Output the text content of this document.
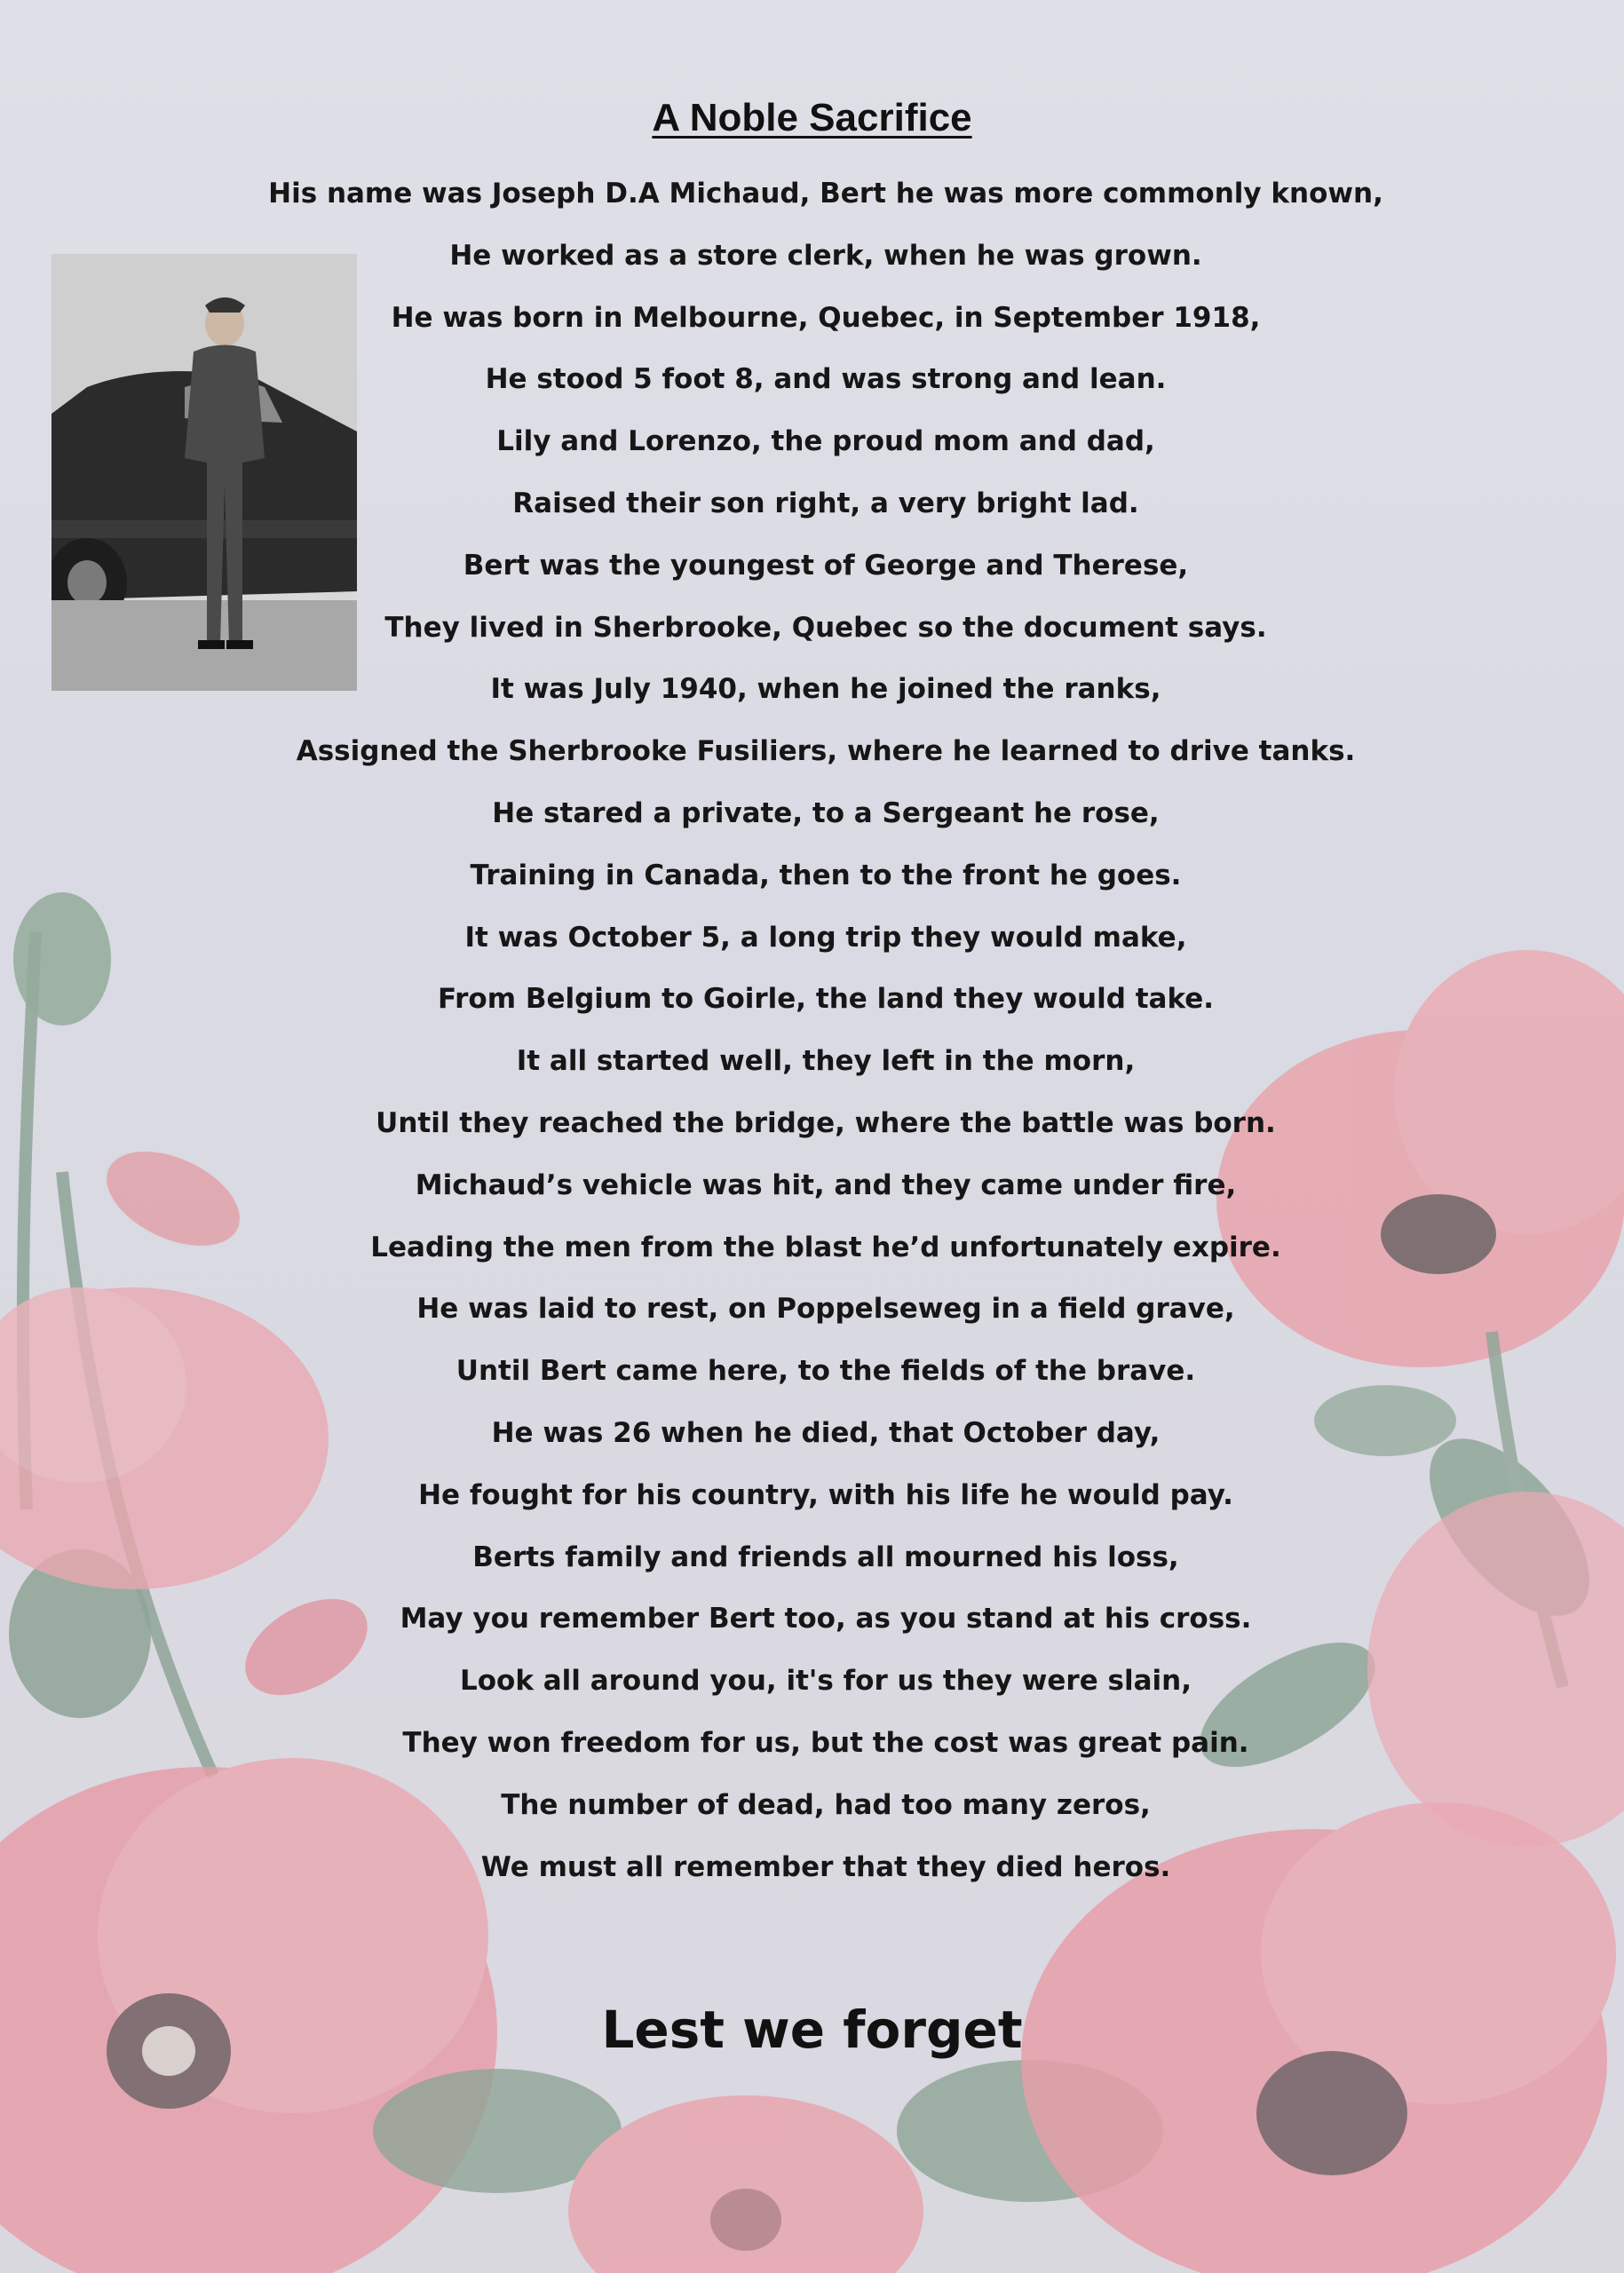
A Noble Sacrifice
His name was Joseph D.A Michaud, Bert he was more commonly known,
He worked as a store clerk, when he was grown.
He was born in Melbourne, Quebec, in September 1918,
He stood 5 foot 8, and was strong and lean.
Lily and Lorenzo, the proud mom and dad,
Raised their son right, a very bright lad.
Bert was the youngest of George and Therese,
They lived in Sherbrooke, Quebec so the document says.
It was July 1940, when he joined the ranks,
Assigned the Sherbrooke Fusiliers, where he learned to drive tanks.
He stared a private, to a Sergeant he rose,
Training in Canada, then to the front he goes.
It was October 5, a long trip they would make,
From Belgium to Goirle, the land they would take.
It all started well, they left in the morn,
Until they reached the bridge, where the battle was born.
Michaud’s vehicle was hit, and they came under fire,
Leading the men from the blast he’d unfortunately expire.
He was laid to rest, on Poppelseweg in a field grave,
Until Bert came here, to the fields of the brave.
He was 26 when he died, that October day,
He fought for his country, with his life he would pay.
Berts family and friends all mourned his loss,
May you remember Bert too, as you stand at his cross.
Look all around you, it's for us they were slain,
They won freedom for us, but the cost was great pain.
The number of dead, had too many zeros,
We must all remember that they died heros.
Lest we forget
